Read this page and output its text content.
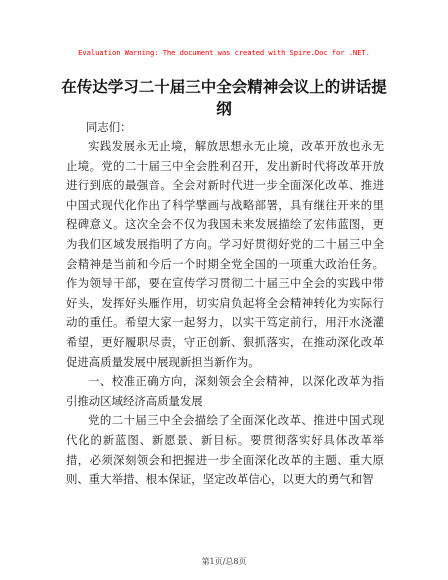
Evaluation Warning: The document was created with Spire.Doc for .NET.
在传达学习二十届三中全会精神会议上的讲话提纲

同志们：

实践发展永无止境，解放思想永无止境，改革开放也永无止境。党的二十届三中全会胜利召开，发出新时代将改革开放进行到底的最强音。全会对新时代进一步全面深化改革、推进中国式现代化作出了科学擘画与战略部署，具有继往开来的里程碑意义。这次全会不仅为我国未来发展描绘了宏伟蓝图，更为我们区域发展指明了方向。学习好贯彻好党的二十届三中全会精神是当前和今后一个时期全党全国的一项重大政治任务。作为领导干部，要在宣传学习贯彻二十届三中全会的实践中带好头，发挥好头雁作用，切实肩负起将全会精神转化为实际行动的重任。希望大家一起努力，以实干笃定前行，用汗水浇灌希望，更好履职尽责，守正创新、狠抓落实，在推动深化改革促进高质量发展中展现新担当新作为。

一、校准正确方向，深刻领会全会精神，以深化改革为指引推动区域经济高质量发展

党的二十届三中全会描绘了全面深化改革、推进中国式现代化的新蓝图、新愿景、新目标。要贯彻落实好具体改革举措，必须深刻领会和把握进一步全面深化改革的主题、重大原则、重大举措、根本保证，坚定改革信心，以更大的勇气和智

第1页/总8页
